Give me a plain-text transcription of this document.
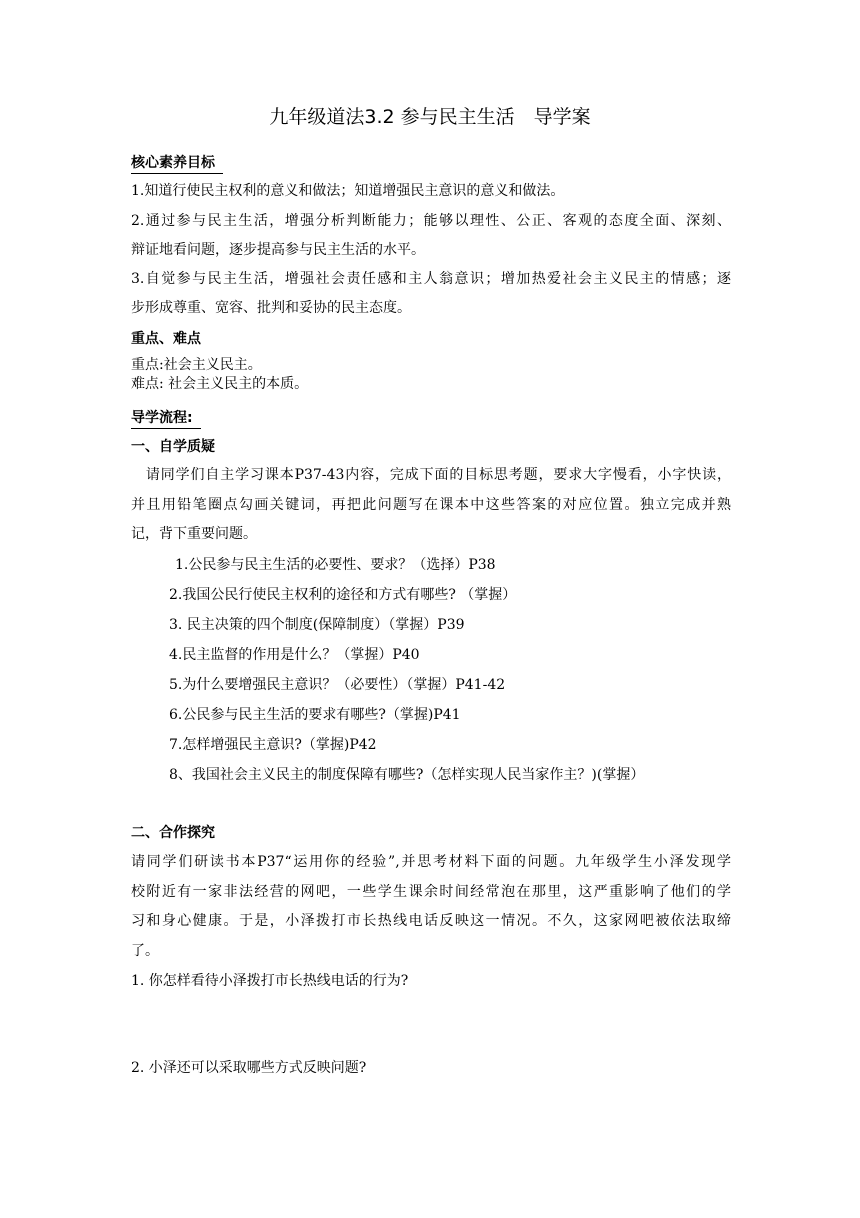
九年级道法3.2 参与民主生活　导学案
核心素养目标
1.知道行使民主权利的意义和做法；知道增强民主意识的意义和做法。
2.通过参与民主生活，增强分析判断能力；能够以理性、公正、客观的态度全面、深刻、
辩证地看问题，逐步提高参与民主生活的水平。
3.自觉参与民主生活，增强社会责任感和主人翁意识；增加热爱社会主义民主的情感；逐
步形成尊重、宽容、批判和妥协的民主态度。
重点、难点
重点:社会主义民主。
难点: 社会主义民主的本质。
导学流程:
一、自学质疑
　请同学们自主学习课本P37-43内容，完成下面的目标思考题，要求大字慢看，小字快读，
并且用铅笔圈点勾画关键词，再把此问题写在课本中这些答案的对应位置。独立完成并熟
记，背下重要问题。
1.公民参与民主生活的必要性、要求？（选择）P38
2.我国公民行使民主权利的途径和方式有哪些? （掌握）
3. 民主决策的四个制度(保障制度）（掌握）P39
4.民主监督的作用是什么？（掌握）P40
5.为什么要增强民主意识？（必要性）（掌握）P41-42
6.公民参与民主生活的要求有哪些?（掌握)P41
7.怎样增强民主意识?（掌握)P42
8、我国社会主义民主的制度保障有哪些?（怎样实现人民当家作主？)(掌握）
二、合作探究
请同学们研读书本P37“运用你的经验”,并思考材料下面的问题。九年级学生小泽发现学
校附近有一家非法经营的网吧，一些学生课余时间经常泡在那里，这严重影响了他们的学
习和身心健康。于是，小泽拨打市长热线电话反映这一情况。不久，这家网吧被依法取缔
了。
1. 你怎样看待小泽拨打市长热线电话的行为?
2. 小泽还可以采取哪些方式反映问题?
